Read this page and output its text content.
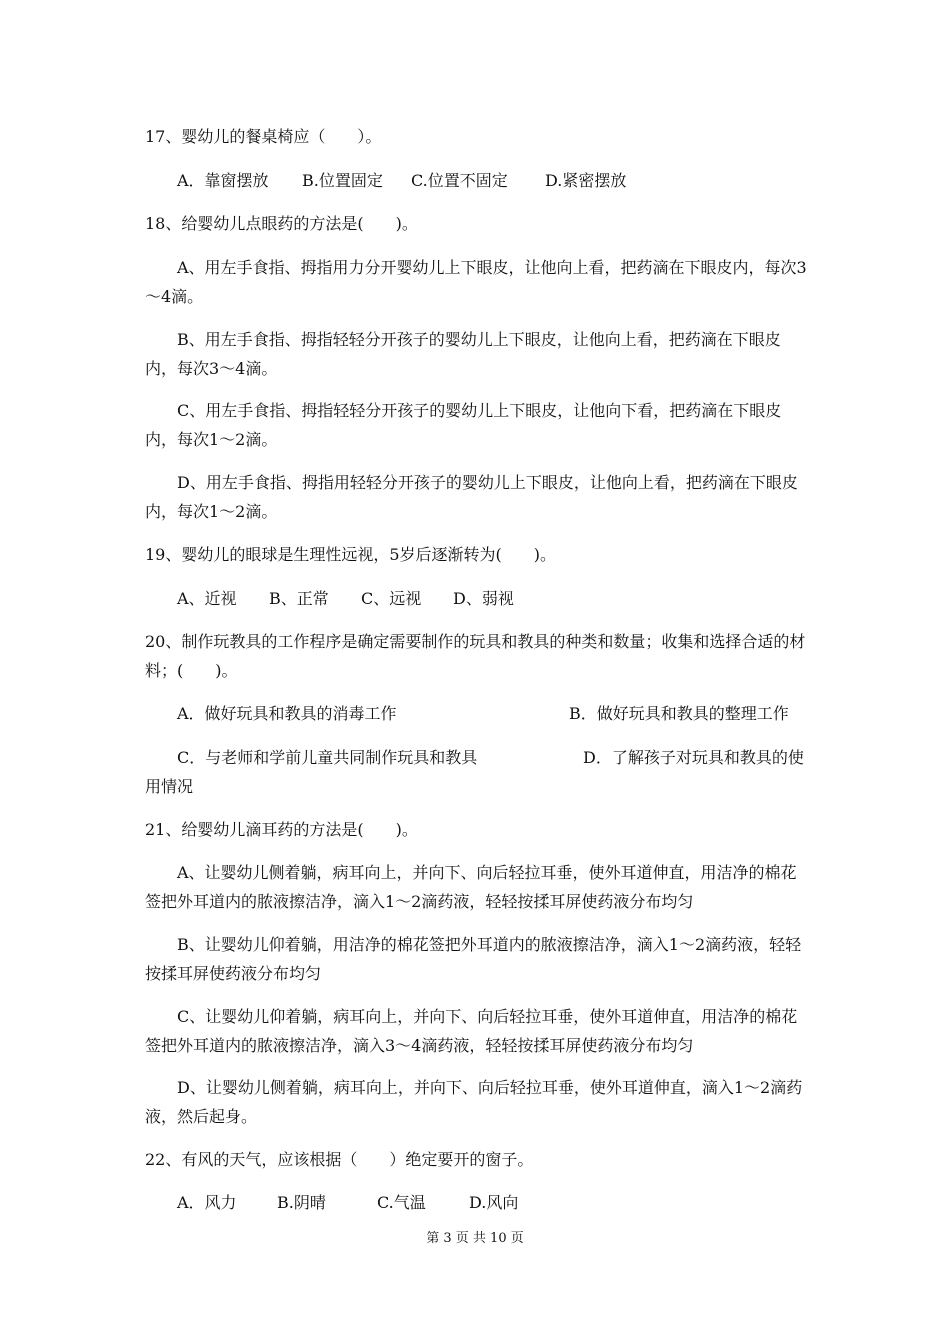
17、婴幼儿的餐桌椅应（　　）。
A．靠窗摆放 B.位置固定 C.位置不固定 D.紧密摆放
18、给婴幼儿点眼药的方法是(　　)。
A、用左手食指、拇指用力分开婴幼儿上下眼皮，让他向上看，把药滴在下眼皮内，每次3～4滴。
B、用左手食指、拇指轻轻分开孩子的婴幼儿上下眼皮，让他向上看，把药滴在下眼皮内，每次3～4滴。
C、用左手食指、拇指轻轻分开孩子的婴幼儿上下眼皮，让他向下看，把药滴在下眼皮内，每次1～2滴。
D、用左手食指、拇指用轻轻分开孩子的婴幼儿上下眼皮，让他向上看，把药滴在下眼皮内，每次1～2滴。
19、婴幼儿的眼球是生理性远视，5岁后逐渐转为(　　)。
A、近视 B、正常 C、远视 D、弱视
20、制作玩教具的工作程序是确定需要制作的玩具和教具的种类和数量；收集和选择合适的材料；(　　)。
A．做好玩具和教具的消毒工作	B．做好玩具和教具的整理工作
C．与老师和学前儿童共同制作玩具和教具	D．了解孩子对玩具和教具的使用情况
21、给婴幼儿滴耳药的方法是(　　)。
A、让婴幼儿侧着躺，病耳向上，并向下、向后轻拉耳垂，使外耳道伸直，用洁净的棉花签把外耳道内的脓液擦洁净，滴入1～2滴药液，轻轻按揉耳屏使药液分布均匀
B、让婴幼儿仰着躺，用洁净的棉花签把外耳道内的脓液擦洁净，滴入1～2滴药液，轻轻按揉耳屏使药液分布均匀
C、让婴幼儿仰着躺，病耳向上，并向下、向后轻拉耳垂，使外耳道伸直，用洁净的棉花签把外耳道内的脓液擦洁净，滴入3～4滴药液，轻轻按揉耳屏使药液分布均匀
D、让婴幼儿侧着躺，病耳向上，并向下、向后轻拉耳垂，使外耳道伸直，滴入1～2滴药液，然后起身。
22、有风的天气，应该根据（　　）绝定要开的窗子。
A．风力	B.阴晴	C.气温	D.风向
第 3 页 共 10 页
